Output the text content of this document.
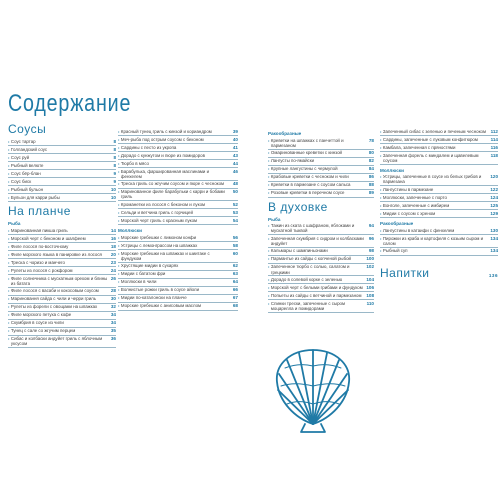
Содержание
Соусы
• Соус тартар	8
• Голландский соус	8
• Соус руй	8
• Рыбный велюте	8
• Соус бёр-блан	9
• Соус биск	9
• Рыбный бульон	10
• Бульон для карри рыбы	10
На планче
Рыба
• Маринованная пикша гриль	14
• Морской черт с беконом и шалфеем	16
• Филе лосося по-восточному	18
• Филе морского языка в панировке из лосося	20
• Треска с чоризо и манчего	23
• Рулеты из лосося с рокфором	24
• Филе солнечника с мускатным орехом и блины из батата
26
• Филе лосося с васаби и кокосовым соусом	28
• Мариновання сайда с чили и черри гриль	30
• Рулеты из форели с овощами на шпажках	32
• Филе морского петуха с кофе	34
• Скумбрия в соусе из чили	34
• Тунец с сале со жгучим перцем	35
• Сибас и колбаски андуйет гриль с яблочным уксусом
36
• Красный тунец гриль с кинзой и кориандром	39
• Меч-рыба под острым соусом с беконом	40
• Сардины с песто из укропа	41
• Дорадо с кунжутом и пюре из помидоров	43
• Тюрбо в мясо	44
• Барабулька, фаршированная маслинами и фенхелем
46
• Треска гриль со жгучим соусом и пюре с чесноком	48
• Маринованное филе барабульки с карри и бобами гриль
50
• Кроманетки из лосося с беконом и луком	52
• Сельди и ветчина гриль с горчицей	53
• Морской черт гриль с красным луком	54
Моллюски
• Морские гребешки с лимоном конфи	56
• Устрицы с лемонграссом на шпажках	58
• Морские гребешки на шпажках и шиитаке с фундуком
60
• Хрустящие мидии в сухарях	62
• Мидии с бататом фри	63
• Моллюски в чили	64
• Волнистые рожки гриль в соусе айоли	66
• Мидии по-каталонски на планче	67
• Морские гребешки с анисовым маслом	68
Ракообразные
• Креветки на шпажках с панчеттой и пармезаном
78
• Омаринованные креветки с кинзой	80
• Лангусты по-ямайски	82
• Крупные лангустины с чермулой	84
• Крабовые креветки с чесноком и чили	86
• Креветки в пармезане с соусом сальса	88
• Розовые креветки в перечном соусе	89
В духовке
Рыба
• Тажин из ската с шафраном, яблоками и мускатной тыквой
94
• Запеченная скумбрия с сидром и колбасками андуйет
96
• Кальмары с шампиньонами	98
• Пармантье из сайды с копченой рыбой	100
• Запеченное тюрбо с солью, салатом и грецкими
102
• Дорадо в солевой корке с зеленью	104
• Морской черт с белыми грибами и фундуком 106
• Попьеты из сайды с ветчиной и пармезаном	108
• Спинки трески, запеченные с сыром моцарелла и помидорами
110
• Запеченный сибас с зеленью и печеным чесноком 112
• Сардины, запеченные с луковым конфитюром	114
• Камбала, запеченная с пряностями	116
• Запеченная форель с миндалем и щавелевым соусом
118
Моллюски
• Устрицы, запеченные в соусе из белых грибов и пармезана
120
• Лангустины в пармезане	122
• Моллюски, запеченные с порто	124
• Вонголе, запеченные с имбирем	125
• Мидии с соусом с хреном	129
Ракообразные
• Лангустины в катаифи с фенхелем	130
• Пирожки из краба и картофеля с козьим сыром и салом
134
• Рыбный суп	134
Напитки	136
